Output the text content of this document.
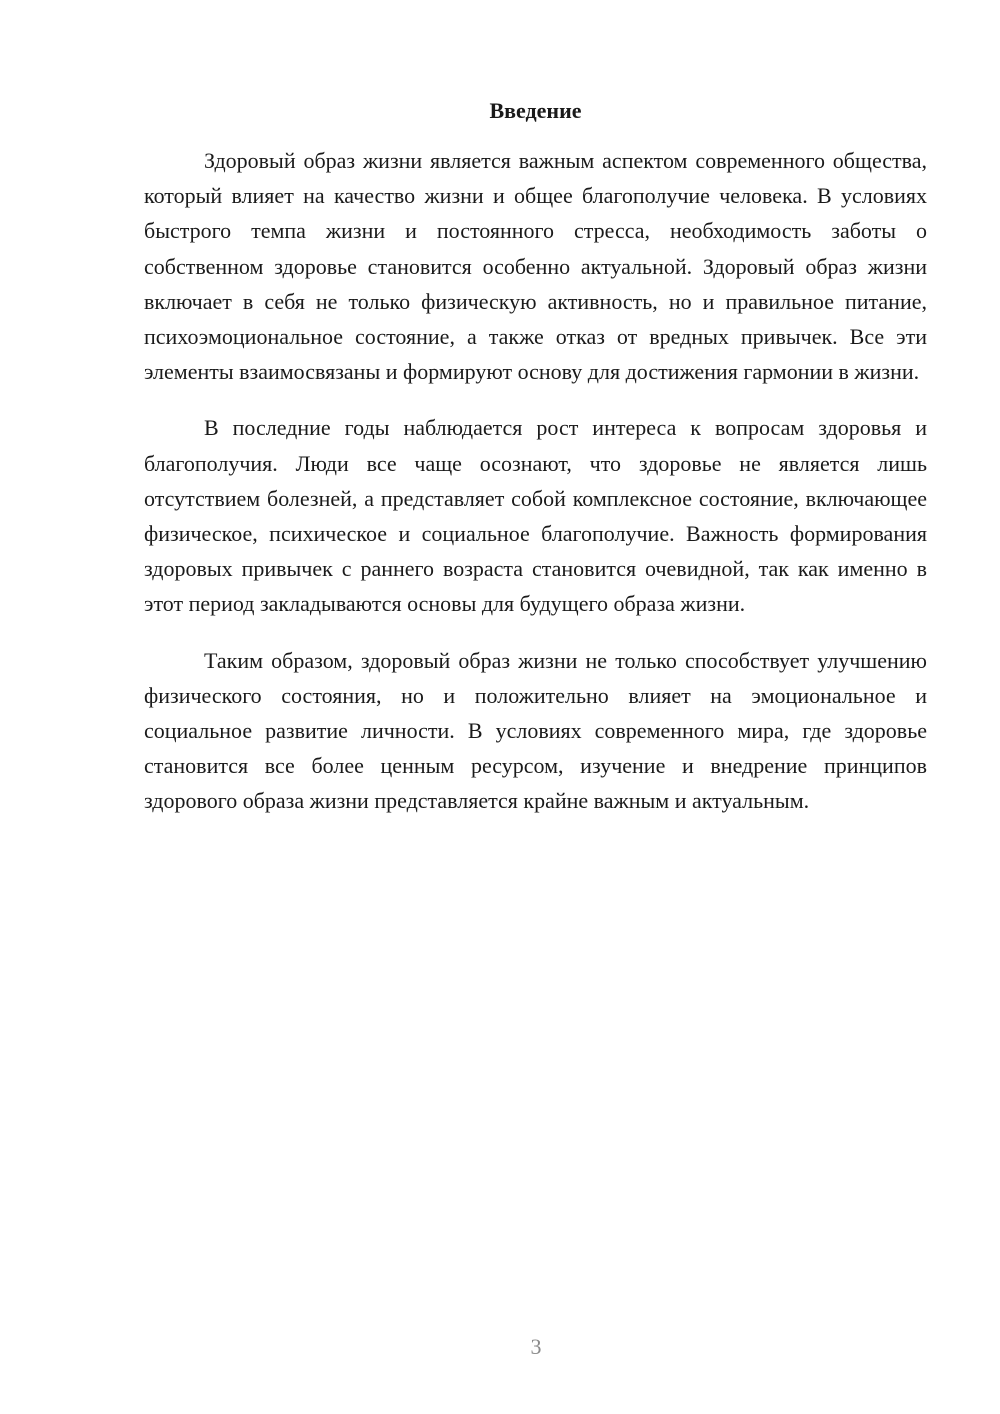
Введение

Здоровый образ жизни является важным аспектом современного общества, который влияет на качество жизни и общее благополучие человека. В условиях быстрого темпа жизни и постоянного стресса, необходимость заботы о собственном здоровье становится особенно актуальной. Здоровый образ жизни включает в себя не только физическую активность, но и правильное питание, психоэмоциональное состояние, а также отказ от вредных привычек. Все эти элементы взаимосвязаны и формируют основу для достижения гармонии в жизни.

В последние годы наблюдается рост интереса к вопросам здоровья и благополучия. Люди все чаще осознают, что здоровье не является лишь отсутствием болезней, а представляет собой комплексное состояние, включающее физическое, психическое и социальное благополучие. Важность формирования здоровых привычек с раннего возраста становится очевидной, так как именно в этот период закладываются основы для будущего образа жизни.

Таким образом, здоровый образ жизни не только способствует улучшению физического состояния, но и положительно влияет на эмоциональное и социальное развитие личности. В условиях современного мира, где здоровье становится все более ценным ресурсом, изучение и внедрение принципов здорового образа жизни представляется крайне важным и актуальным.

3
